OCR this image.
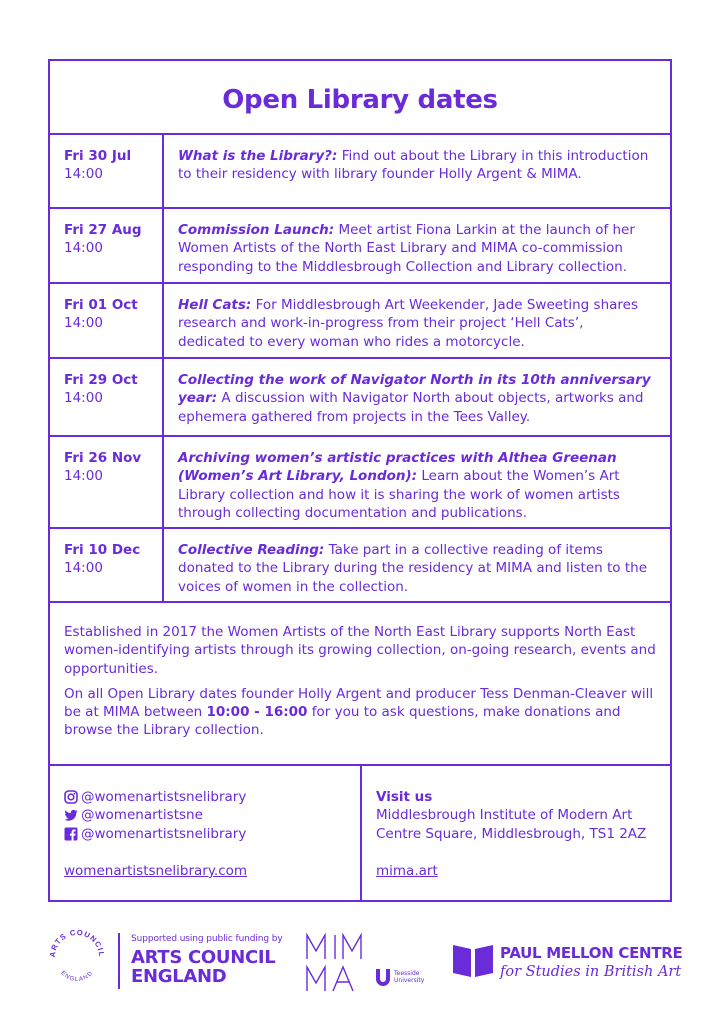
Open Library dates
Fri 30 Jul
14:00
What is the Library?: Find out about the Library in this introduction to their residency with library founder Holly Argent & MIMA.
Fri 27 Aug
14:00
Commission Launch: Meet artist Fiona Larkin at the launch of her Women Artists of the North East Library and MIMA co-commission responding to the Middlesbrough Collection and Library collection.
Fri 01 Oct
14:00
Hell Cats: For Middlesbrough Art Weekender, Jade Sweeting shares research and work-in-progress from their project ‘Hell Cats’, dedicated to every woman who rides a motorcycle.
Fri 29 Oct
14:00
Collecting the work of Navigator North in its 10th anniversary year: A discussion with Navigator North about objects, artworks and ephemera gathered from projects in the Tees Valley.
Fri 26 Nov
14:00
Archiving women’s artistic practices with Althea Greenan (Women’s Art Library, London): Learn about the Women’s Art Library collection and how it is sharing the work of women artists through collecting documentation and publications.
Fri 10 Dec
14:00
Collective Reading: Take part in a collective reading of items donated to the Library during the residency at MIMA and listen to the voices of women in the collection.

Established in 2017 the Women Artists of the North East Library supports North East women-identifying artists through its growing collection, on-going research, events and opportunities.

On all Open Library dates founder Holly Argent and producer Tess Denman-Cleaver will be at MIMA between 10:00 - 16:00 for you to ask questions, make donations and browse the Library collection.

@womenartistsnelibrary
@womenartistsne
@womenartistsnelibrary
womenartistsnelibrary.com
Visit us
Middlesbrough Institute of Modern Art
Centre Square, Middlesbrough, TS1 2AZ
mima.art
ARTS COUNCIL
ENGLAND
Supported using public funding by
ARTS COUNCIL
ENGLAND
MIMA
Teesside University
PAUL MELLON CENTRE
for Studies in British Art
